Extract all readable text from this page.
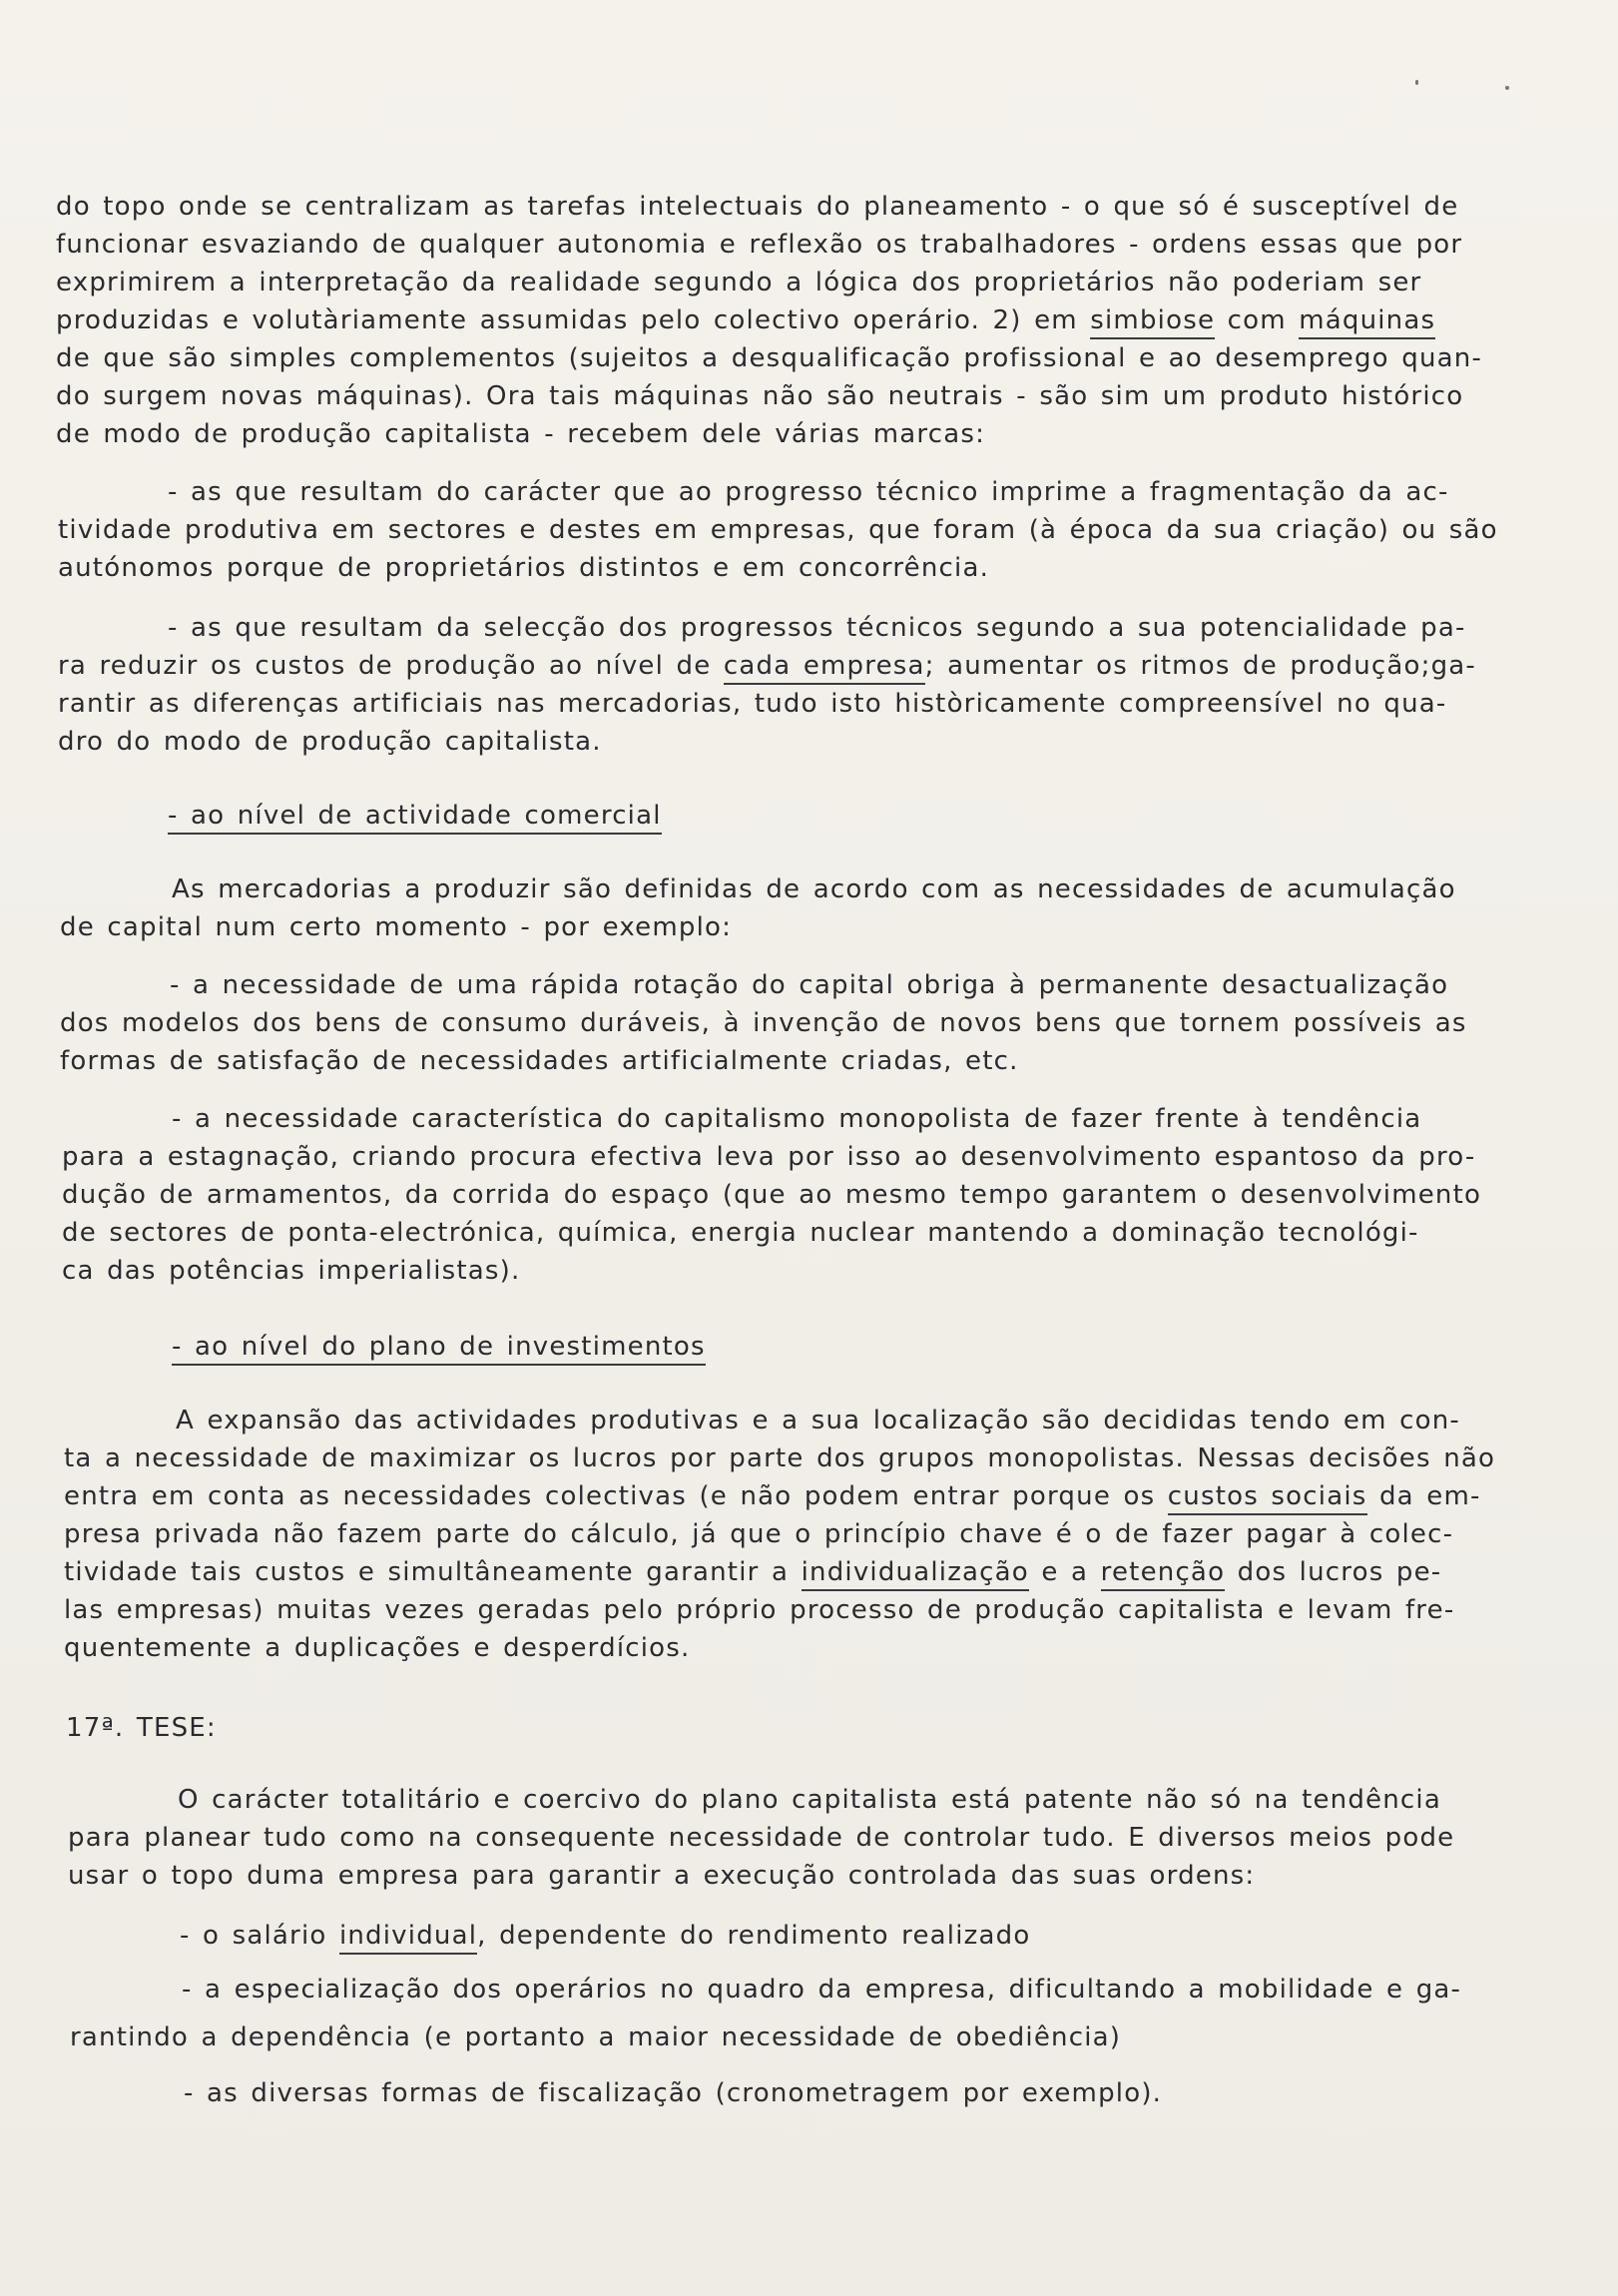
do topo onde se centralizam as tarefas intelectuais do planeamento - o que só é susceptível de
funcionar esvaziando de qualquer autonomia e reflexão os trabalhadores - ordens essas que por
exprimirem a interpretação da realidade segundo a lógica dos proprietários não poderiam ser
produzidas e volutàriamente assumidas pelo colectivo operário. 2) em simbiose com máquinas
de que são simples complementos (sujeitos a desqualificação profissional e ao desemprego quan-
do surgem novas máquinas). Ora tais máquinas não são neutrais - são sim um produto histórico
de modo de produção capitalista - recebem dele várias marcas:
- as que resultam do carácter que ao progresso técnico imprime a fragmentação da ac-
tividade produtiva em sectores e destes em empresas, que foram (à época da sua criação) ou são
autónomos porque de proprietários distintos e em concorrência.
- as que resultam da selecção dos progressos técnicos segundo a sua potencialidade pa-
ra reduzir os custos de produção ao nível de cada empresa; aumentar os ritmos de produção;ga-
rantir as diferenças artificiais nas mercadorias, tudo isto històricamente compreensível no qua-
dro do modo de produção capitalista.
- ao nível de actividade comercial
As mercadorias a produzir são definidas de acordo com as necessidades de acumulação
de capital num certo momento - por exemplo:
- a necessidade de uma rápida rotação do capital obriga à permanente desactualização
dos modelos dos bens de consumo duráveis, à invenção de novos bens que tornem possíveis as
formas de satisfação de necessidades artificialmente criadas, etc.
- a necessidade característica do capitalismo monopolista de fazer frente à tendência
para a estagnação, criando procura efectiva leva por isso ao desenvolvimento espantoso da pro-
dução de armamentos, da corrida do espaço (que ao mesmo tempo garantem o desenvolvimento
de sectores de ponta-electrónica, química, energia nuclear mantendo a dominação tecnológi-
ca das potências imperialistas).
- ao nível do plano de investimentos
A expansão das actividades produtivas e a sua localização são decididas tendo em con-
ta a necessidade de maximizar os lucros por parte dos grupos monopolistas. Nessas decisões não
entra em conta as necessidades colectivas (e não podem entrar porque os custos sociais da em-
presa privada não fazem parte do cálculo, já que o princípio chave é o de fazer pagar à colec-
tividade tais custos e simultâneamente garantir a individualização e a retenção dos lucros pe-
las empresas) muitas vezes geradas pelo próprio processo de produção capitalista e levam fre-
quentemente a duplicações e desperdícios.
17ª. TESE:
O carácter totalitário e coercivo do plano capitalista está patente não só na tendência
para planear tudo como na consequente necessidade de controlar tudo. E diversos meios pode
usar o topo duma empresa para garantir a execução controlada das suas ordens:
- o salário individual, dependente do rendimento realizado
- a especialização dos operários no quadro da empresa, dificultando a mobilidade e ga-
rantindo a dependência (e portanto a maior necessidade de obediência)
- as diversas formas de fiscalização (cronometragem por exemplo).
